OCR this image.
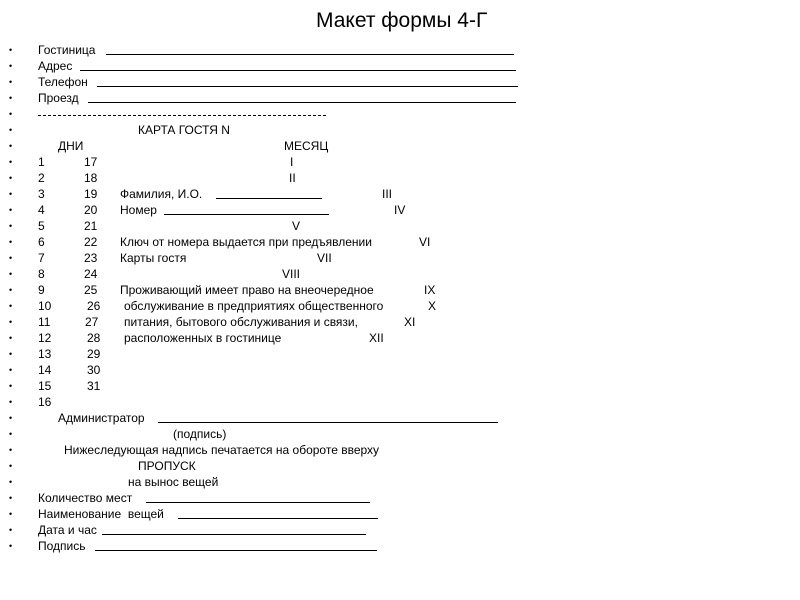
Макет формы 4-Г
• Гостиница
• Адрес
• Телефон
• Проезд
•
•	КАРТА ГОСТЯ N
•	ДНИ	МЕСЯЦ
• 1	17	I
• 2	18	II
• 3	19 Фамилия, И.О.	III
• 4	20 Номер	IV
• 5	21	V
• 6	22 Ключ от номера выдается при предъявлении	VI
• 7	23 Карты гостя	VII
• 8	24	VIII
• 9	25 Проживающий имеет право на внеочередное	IX
• 10	26 обслуживание в предприятиях общественного	X
• 11	27 питания, бытового обслуживания и связи,	XI
• 12	28 расположенных в гостинице	XII
• 13	29
• 14	30
• 15	31
• 16
•	Администратор
•	(подпись)
•	Нижеследующая надпись печатается на обороте вверху
•	ПРОПУСК
•	на вынос вещей
• Количество мест
• Наименование  вещей
• Дата и час
• Подпись
